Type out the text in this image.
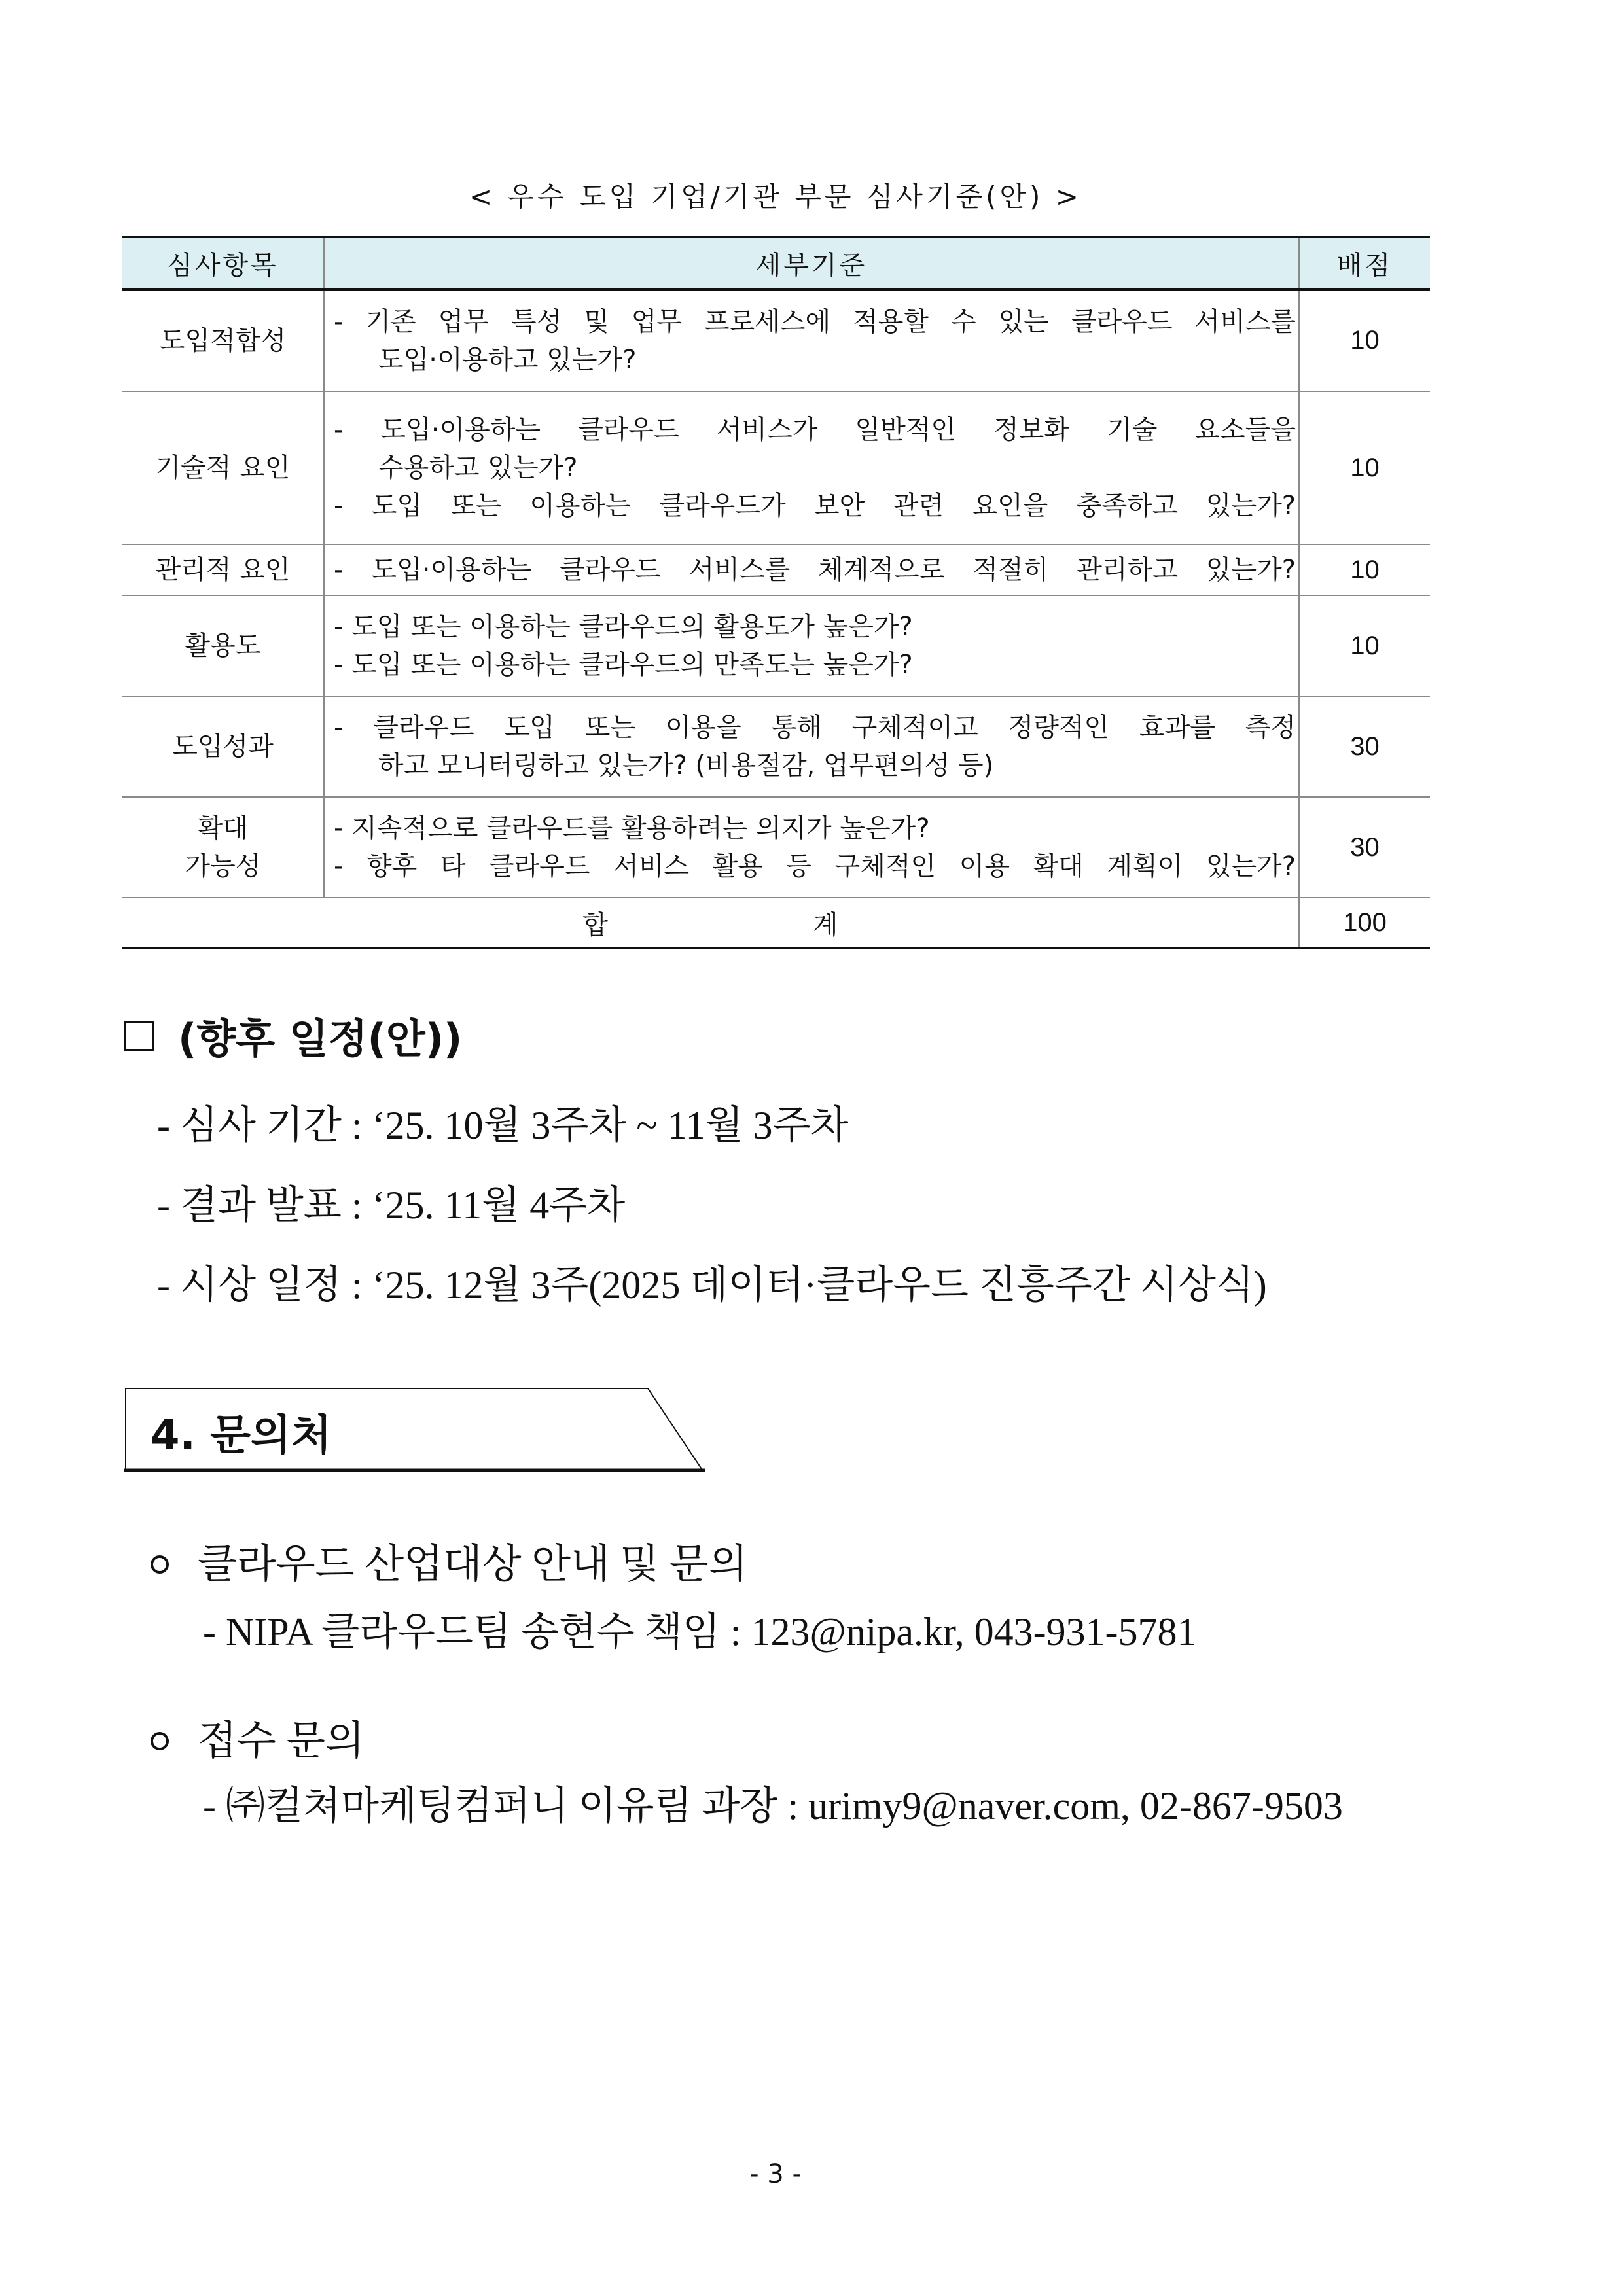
< 우수 도입 기업/기관 부문 심사기준(안) >
심사항목	세부기준	배점
도입적합성	- 기존 업무 특성 및 업무 프로세스에 적용할 수 있는 클라우드 서비스를
도입·이용하고 있는가?	10
기술적 요인	- 도입·이용하는 클라우드 서비스가 일반적인 정보화 기술 요소들을
수용하고 있는가?
- 도입 또는 이용하는 클라우드가 보안 관련 요인을 충족하고 있는가?	10
관리적 요인	- 도입·이용하는 클라우드 서비스를 체계적으로 적절히 관리하고 있는가?	10
활용도	- 도입 또는 이용하는 클라우드의 활용도가 높은가?
- 도입 또는 이용하는 클라우드의 만족도는 높은가?	10
도입성과	- 클라우드 도입 또는 이용을 통해 구체적이고 정량적인 효과를 측정
하고 모니터링하고 있는가? (비용절감, 업무편의성 등)	30

확대
가능성	- 지속적으로 클라우드를 활용하려는 의지가 높은가?
- 향후 타 클라우드 서비스 활용 등 구체적인 이용 확대 계획이 있는가?	30
합 계		100
(향후 일정(안))
- 심사 기간 : ‘25. 10월 3주차 ~ 11월 3주차
- 결과 발표 : ‘25. 11월 4주차
- 시상 일정 : ‘25. 12월 3주(2025 데이터·클라우드 진흥주간 시상식)
4. 문의처
클라우드 산업대상 안내 및 문의
- NIPA 클라우드팀 송현수 책임 : 123@nipa.kr, 043-931-5781
접수 문의
- ㈜컬쳐마케팅컴퍼니 이유림 과장 : urimy9@naver.com, 02-867-9503
- 3 -
